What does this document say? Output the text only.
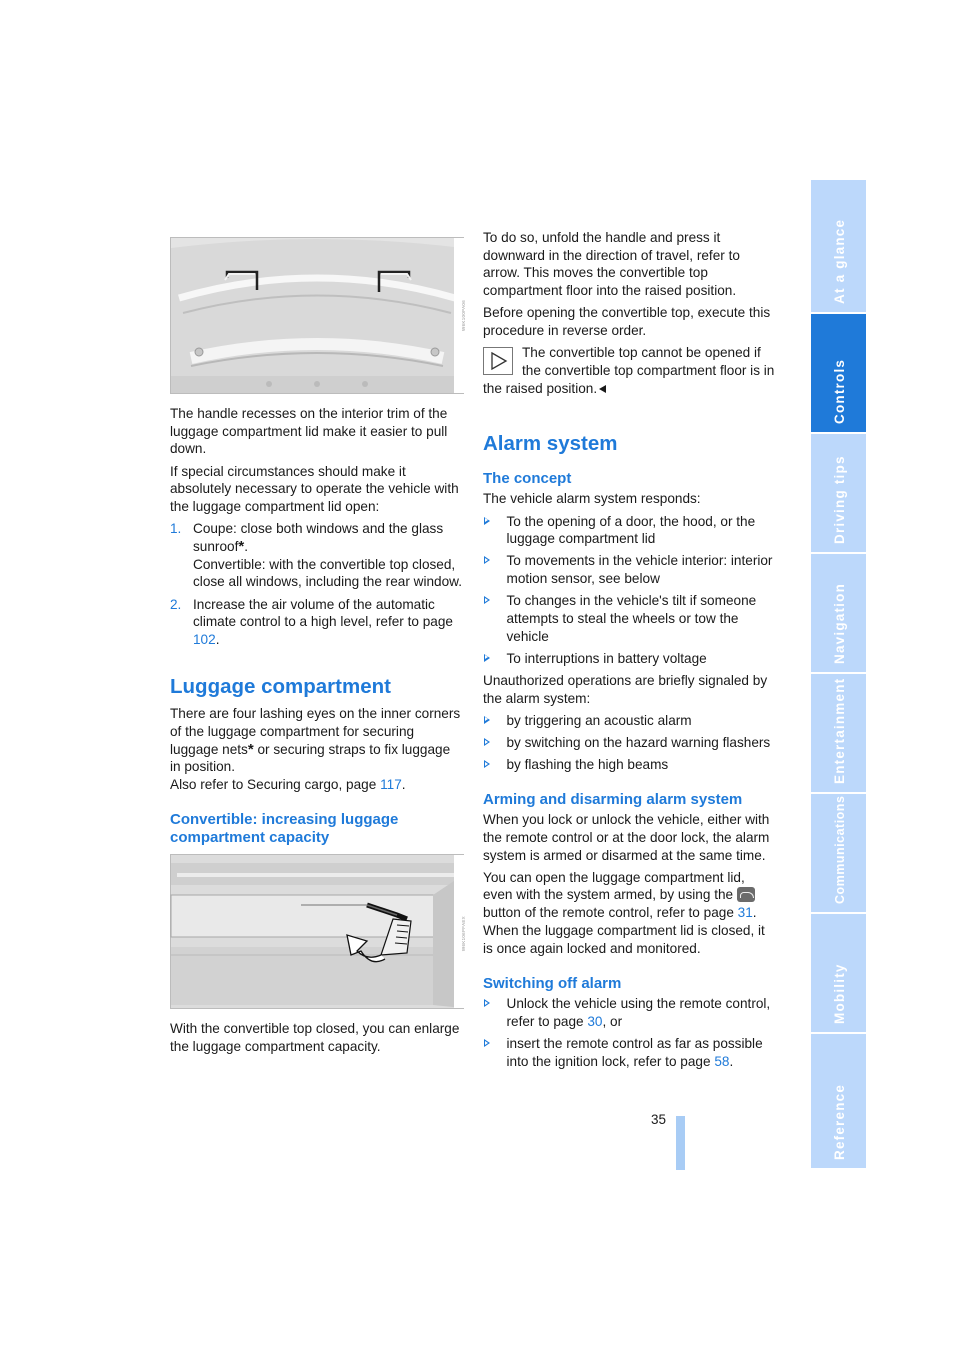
W6K100PA06

The handle recesses on the interior trim of the luggage compartment lid make it easier to pull down.

If special circumstances should make it absolutely necessary to operate the vehicle with the luggage compartment lid open:

1. Coupe: close both windows and the glass sunroof*.
Convertible: with the convertible top closed, close all windows, including the rear window.
2. Increase the air volume of the automatic climate control to a high level, refer to page 102.
Luggage compartment

There are four lashing eyes on the inner corners of the luggage compartment for securing luggage nets* or securing straps to fix luggage in position.

Also refer to Securing cargo, page 117.

Convertible: increasing luggage compartment capacity
W6K106PFAEX

With the convertible top closed, you can enlarge the luggage compartment capacity.

To do so, unfold the handle and press it downward in the direction of travel, refer to arrow. This moves the convertible top compartment floor into the raised position.

Before opening the convertible top, execute this procedure in reverse order.

The convertible top cannot be opened if the convertible top compartment floor is in the raised position.

Alarm system
The concept

The vehicle alarm system responds:

To the opening of a door, the hood, or the luggage compartment lid
To movements in the vehicle interior: interior motion sensor, see below
To changes in the vehicle's tilt if someone attempts to steal the wheels or tow the vehicle
To interruptions in battery voltage

Unauthorized operations are briefly signaled by the alarm system:

by triggering an acoustic alarm
by switching on the hazard warning flashers
by flashing the high beams
Arming and disarming alarm system

When you lock or unlock the vehicle, either with the remote control or at the door lock, the alarm system is armed or disarmed at the same time.

You can open the luggage compartment lid, even with the system armed, by using the  button of the remote control, refer to page 31. When the luggage compartment lid is closed, it is once again locked and monitored.

Switching off alarm
Unlock the vehicle using the remote control, refer to page 30, or
insert the remote control as far as possible into the ignition lock, refer to page 58.
35
At a glance
Controls
Driving tips
Navigation
Entertainment
Communications
Mobility
Reference
